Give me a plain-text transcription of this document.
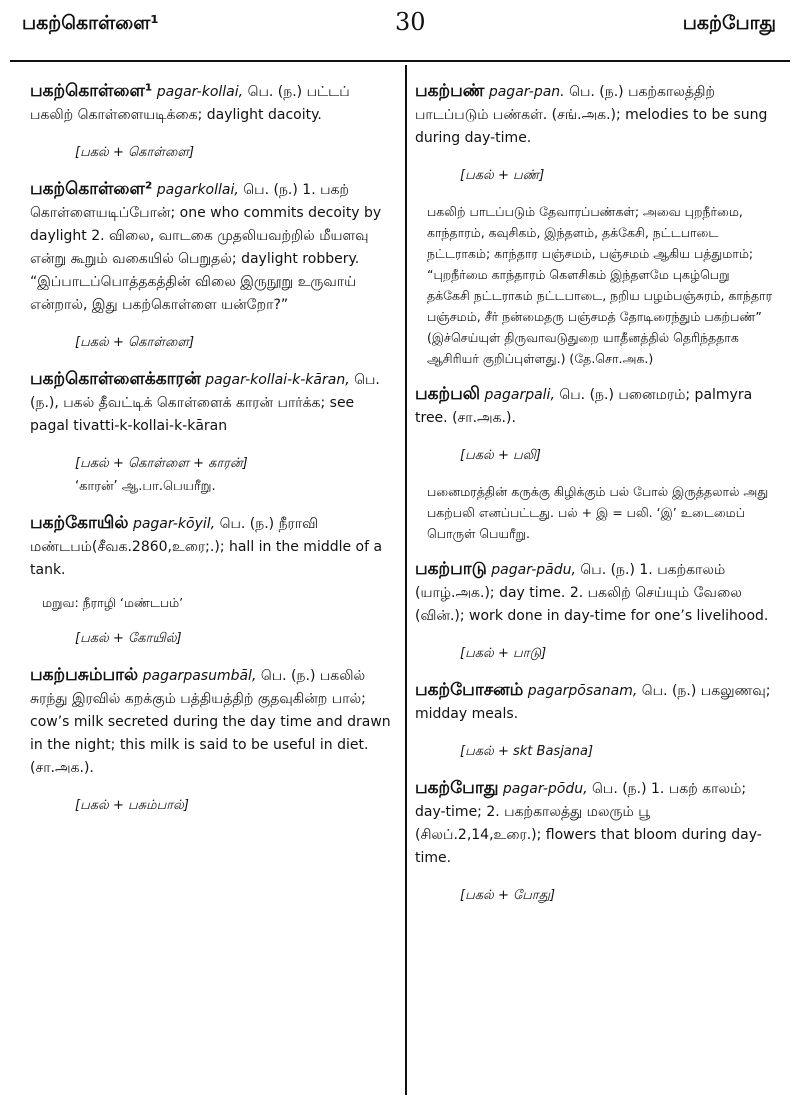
பகற்கொள்ளை¹	30	பகற்போது
பகற்கொள்ளை¹ pagar-kollai, பெ. (ந.) பட்டப் பகலிற் கொள்ளையடிக்கை; daylight dacoity.
[பகல் + கொள்ளை]
பகற்கொள்ளை² pagarkollai, பெ. (ந.) 1. பகற் கொள்ளையடிப்போன்; one who commits decoity by daylight 2. விலை, வாடகை முதலியவற்றில் மீயளவு என்று கூறும் வகையில் பெறுதல்; daylight robbery. “இப்பாடப்பொத்தகத்தின் விலை இருநூறு உருவாய் என்றால், இது பகற்கொள்ளை யன்றோ?”
[பகல் + கொள்ளை]
பகற்கொள்ளைக்காரன் pagar-kollai-k-kāran, பெ. (ந.), பகல் தீவட்டிக் கொள்ளைக் காரன் பார்க்க; see pagal tivatti-k-kollai-k-kāran
[பகல் + கொள்ளை + காரன்]
‘காரன்’ ஆ.பா.பெயரீறு.
பகற்கோயில் pagar-kōyil, பெ. (ந.) நீராவி மண்டபம்(சீவக.2860,உரை;.); hall in the middle of a tank.
மறுவ: நீராழி ‘மண்டபம்’
[பகல் + கோயில்]
பகற்பசும்பால் pagarpasumbāl, பெ. (ந.) பகலில் சுரந்து இரவில் கறக்கும் பத்தியத்திற் குதவுகின்ற பால்; cow’s milk secreted during the day time and drawn in the night; this milk is said to be useful in diet. (சா.அக.).
[பகல் + பசும்பால்]
பகற்பண் pagar-pan. பெ. (ந.) பகற்காலத்திற் பாடப்படும் பண்கள். (சங்.அக.); melodies to be sung during day-time.
[பகல் + பண்]
பகலிற் பாடப்படும் தேவாரப்பண்கள்; அவை புறநீர்மை, காந்தாரம், கவுசிகம், இந்தளம், தக்கேசி, நட்டபாடை நட்டராகம்; காந்தார பஞ்சமம், பஞ்சமம் ஆகிய பத்துமாம்; “புறநீர்மை காந்தாரம் கௌசிகம் இந்தளமே புகழ்பெறு தக்கேசி நட்டராகம் நட்டபாடை, நறிய பழம்பஞ்சுரம், காந்தார பஞ்சமம், சீர் நன்மைதரு பஞ்சமத் தோடிரைந்தும் பகற்பண்” (இச்செய்யுள் திருவாவடுதுறை யாதீனத்தில் தெரிந்ததாக ஆசிரியர் குறிப்புள்ளது.) (தே.சொ.அக.)
பகற்பலி pagarpali, பெ. (ந.) பனைமரம்; palmyra tree. (சா.அக.).
[பகல் + பலி]
பனைமரத்தின் கருக்கு கிழிக்கும் பல் போல் இருத்தலால் அது பகற்பலி எனப்பட்டது. பல் + இ = பலி. ‘இ’ உடைமைப் பொருள் பெயரீறு.
பகற்பாடு pagar-pādu, பெ. (ந.) 1. பகற்காலம் (யாழ்.அக.); day time. 2. பகலிற் செய்யும் வேலை (வின்.); work done in day-time for one’s livelihood.
[பகல் + பாடு]
பகற்போசனம் pagarpōsanam, பெ. (ந.) பகலுணவு; midday meals.
[பகல் + skt Basjana]
பகற்போது pagar-pōdu, பெ. (ந.) 1. பகற் காலம்; day-time; 2. பகற்காலத்து மலரும் பூ (சிலப்.2,14,உரை.); flowers that bloom during day-time.
[பகல் + போது]
